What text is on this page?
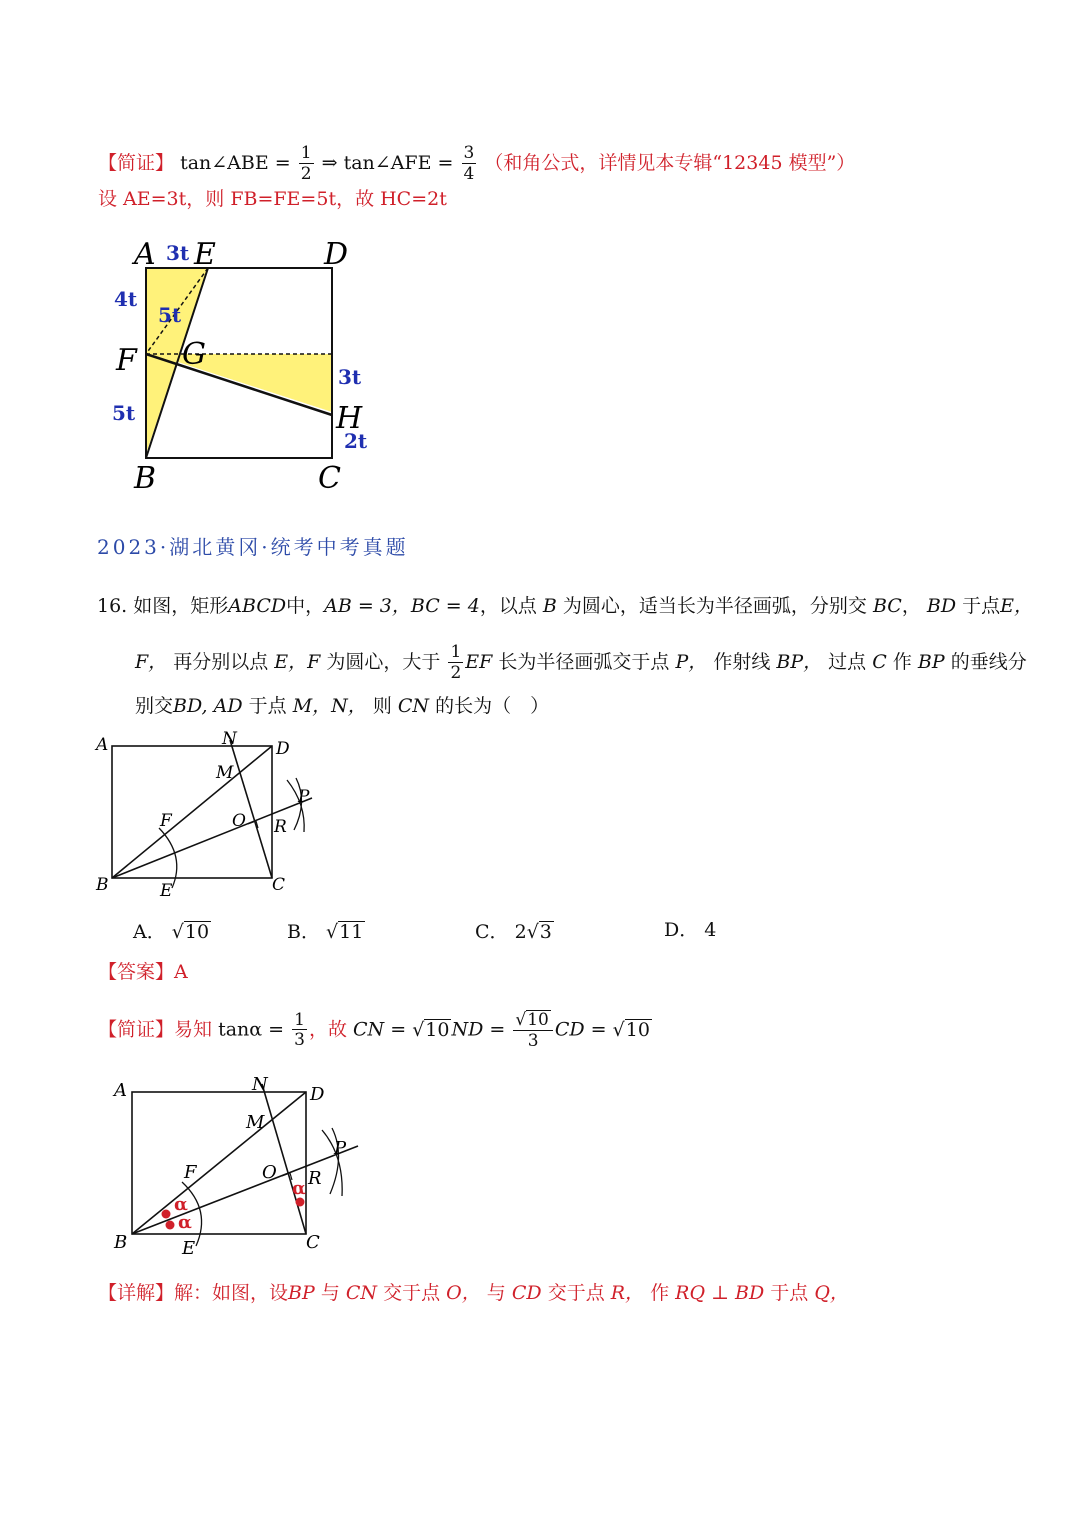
【简证】 tan∠ABE = $\frac{1}{2}$ ⇒ tan∠AFE = $\frac{3}{4}$ （和角公式，详情见本专辑“12345 模型”）
设 AE=3t，则 FB=FE=5t，故 HC=2t
A E	D
F G
H
B	C
3t
4t
5t
5t
3t
2t
2023·湖北黄冈·统考中考真题
16. 如图，矩形ABCD中，AB = 3，BC = 4，以点 B 为圆心，适当长为半径画弧，分别交 BC， BD 于点E，
F， 再分别以点 E，F 为圆心，大于 $\frac{1}{2}$ EF 长为半径画弧交于点 P， 作射线 BP， 过点 C 作 BP 的垂线分
别交BD, AD 于点 M，N， 则 CN 的长为（　）
A	N D
M
P
F	O R
B	E	C
A． √10	B． √11	C． 2√3	D． 4
【答案】A
【简证】易知 $\tan\alpha = \frac{1}{3}$ ，故 CN = √10 ND = $\frac{√10}{3}$ CD = √10
α
α
α
A	N D
M
P
F	O R
B	E	C
【详解】解：如图，设BP 与 CN 交于点 O， 与 CD 交于点 R， 作 RQ ⊥ BD 于点 Q，
